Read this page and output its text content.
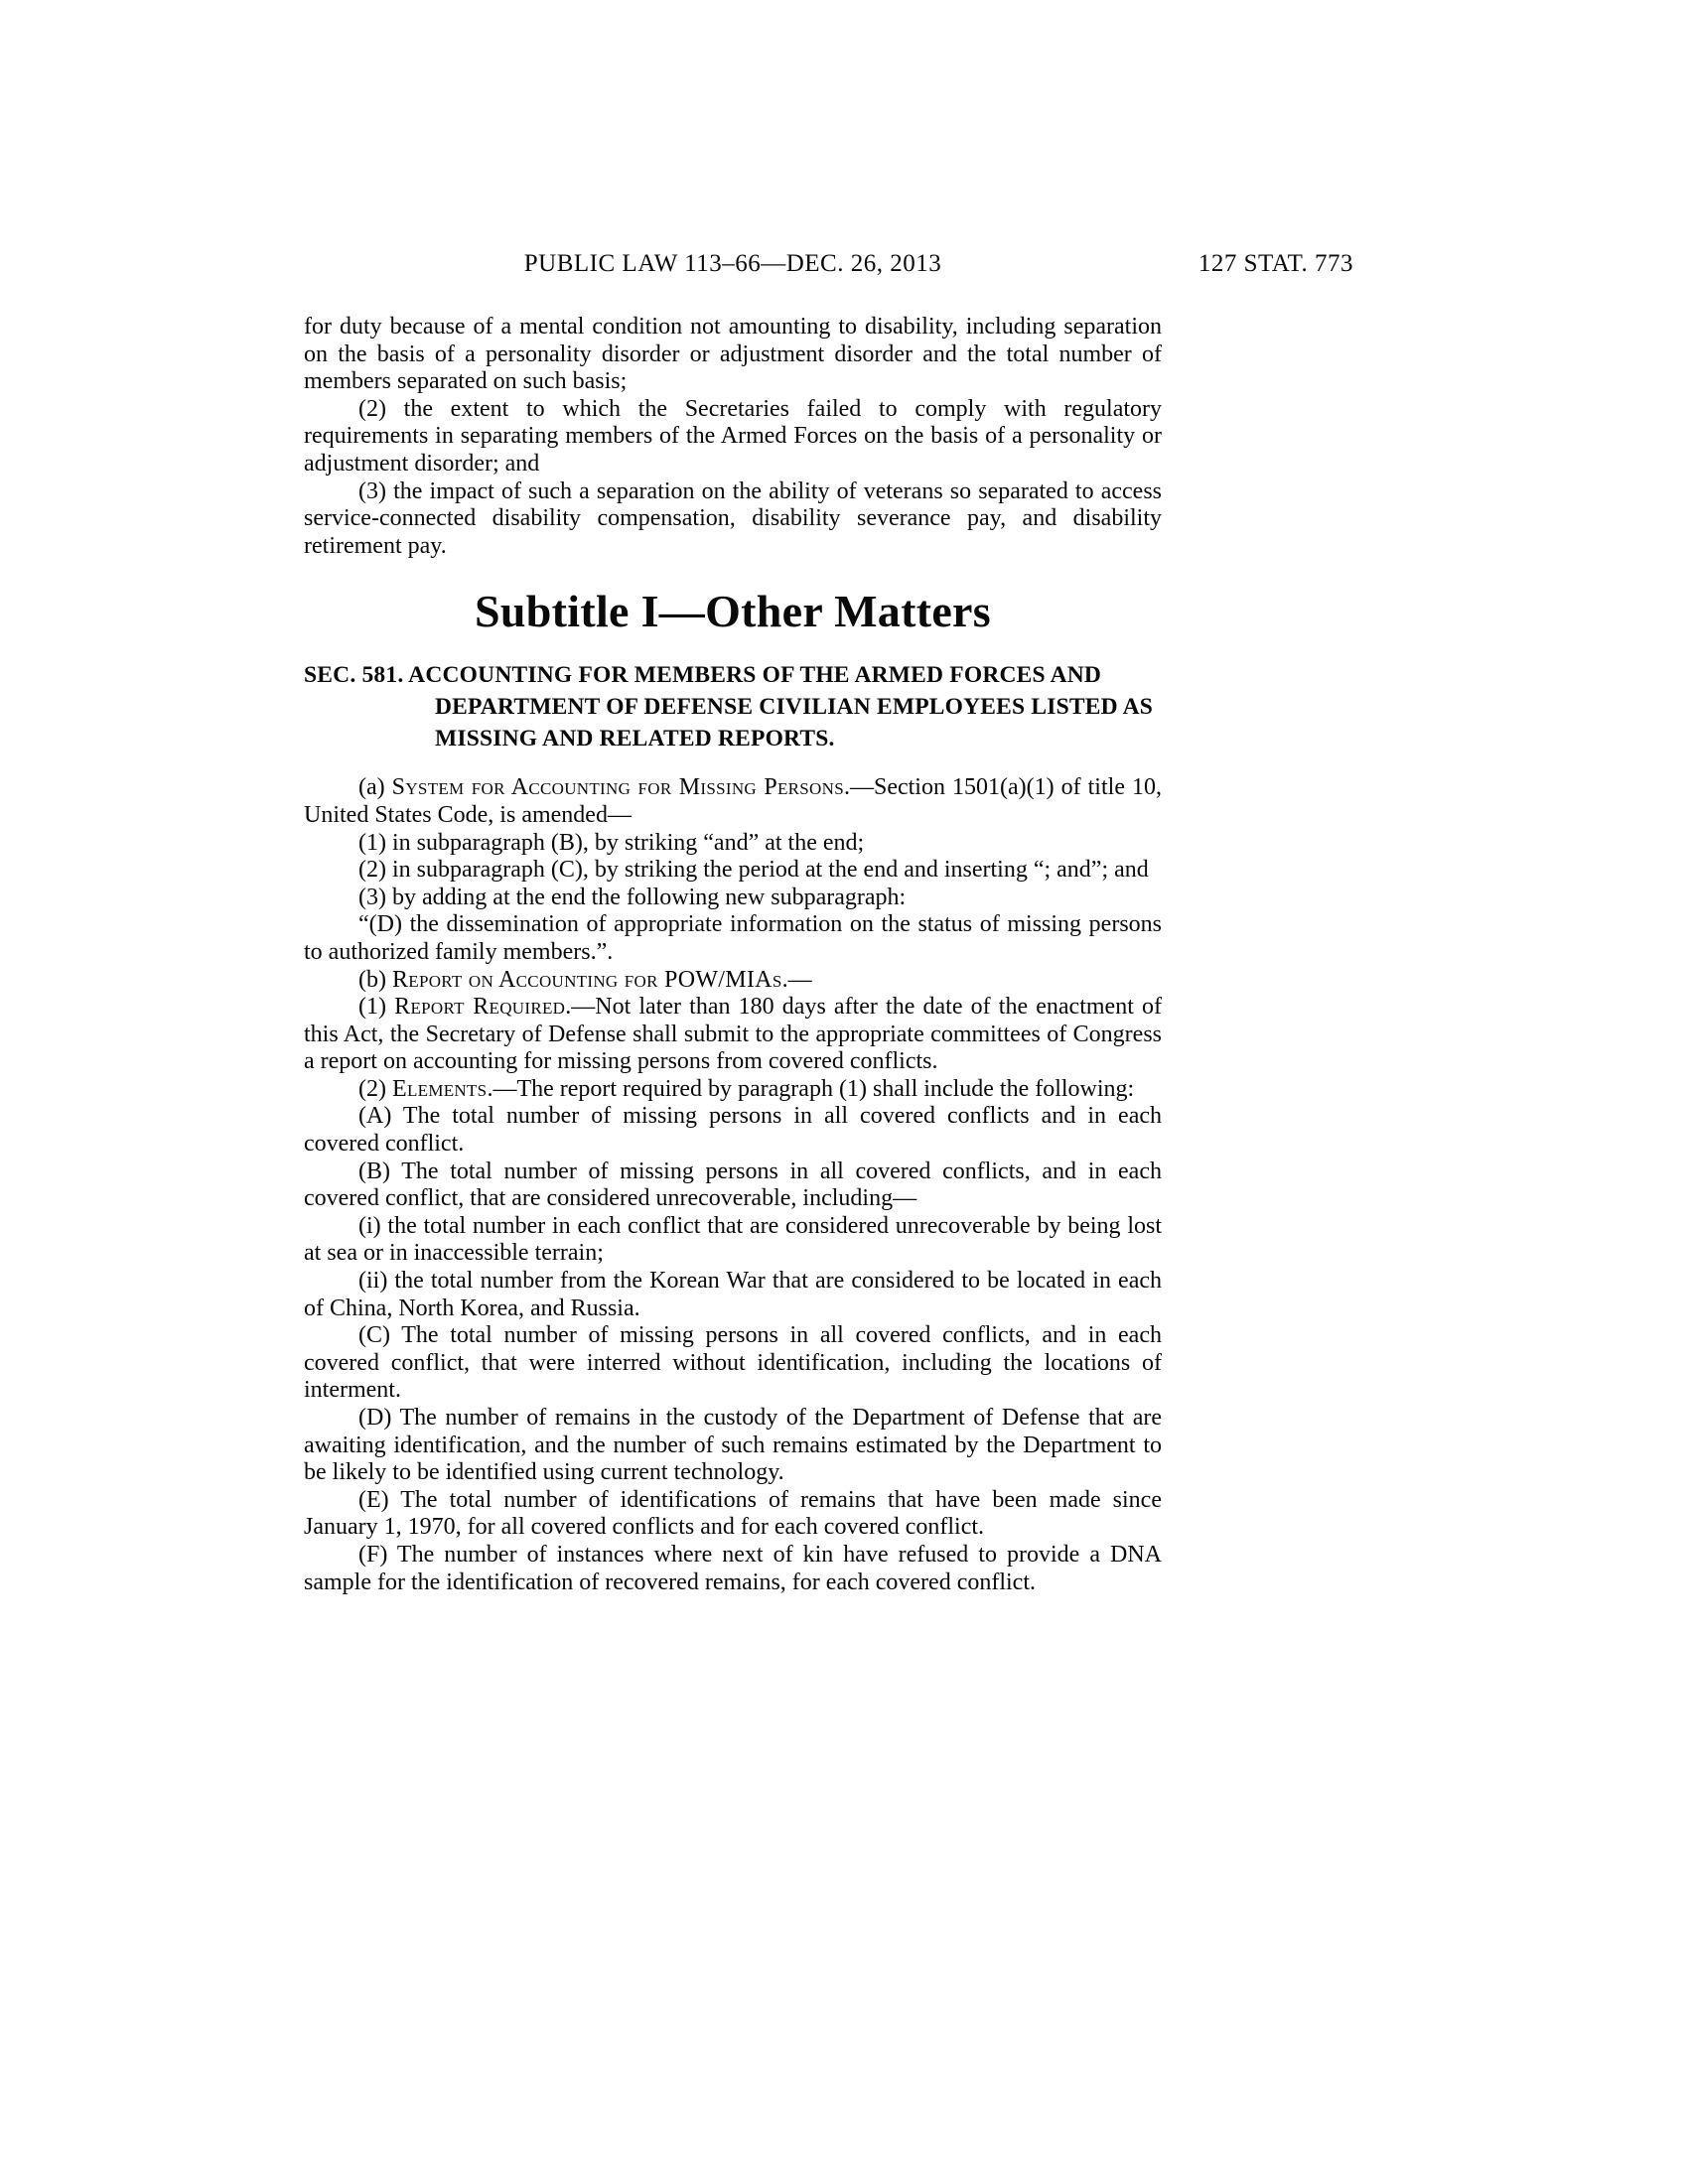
PUBLIC LAW 113–66—DEC. 26, 2013	127 STAT. 773

for duty because of a mental condition not amounting to disability, including separation on the basis of a personality disorder or adjustment disorder and the total number of members separated on such basis;

(2) the extent to which the Secretaries failed to comply with regulatory requirements in separating members of the Armed Forces on the basis of a personality or adjustment disorder; and

(3) the impact of such a separation on the ability of veterans so separated to access service-connected disability compensation, disability severance pay, and disability retirement pay.

Subtitle I—Other Matters
SEC. 581. ACCOUNTING FOR MEMBERS OF THE ARMED FORCES AND DEPARTMENT OF DEFENSE CIVILIAN EMPLOYEES LISTED AS MISSING AND RELATED REPORTS.

(a) System for Accounting for Missing Persons.—Section 1501(a)(1) of title 10, United States Code, is amended—

(1) in subparagraph (B), by striking “and” at the end;

(2) in subparagraph (C), by striking the period at the end and inserting “; and”; and

(3) by adding at the end the following new subparagraph:

“(D) the dissemination of appropriate information on the status of missing persons to authorized family members.”.

(b) Report on Accounting for POW/MIAs.—

(1) Report Required.—Not later than 180 days after the date of the enactment of this Act, the Secretary of Defense shall submit to the appropriate committees of Congress a report on accounting for missing persons from covered conflicts.

(2) Elements.—The report required by paragraph (1) shall include the following:

(A) The total number of missing persons in all covered conflicts and in each covered conflict.

(B) The total number of missing persons in all covered conflicts, and in each covered conflict, that are considered unrecoverable, including—

(i) the total number in each conflict that are considered unrecoverable by being lost at sea or in inaccessible terrain;

(ii) the total number from the Korean War that are considered to be located in each of China, North Korea, and Russia.

(C) The total number of missing persons in all covered conflicts, and in each covered conflict, that were interred without identification, including the locations of interment.

(D) The number of remains in the custody of the Department of Defense that are awaiting identification, and the number of such remains estimated by the Department to be likely to be identified using current technology.

(E) The total number of identifications of remains that have been made since January 1, 1970, for all covered conflicts and for each covered conflict.

(F) The number of instances where next of kin have refused to provide a DNA sample for the identification of recovered remains, for each covered conflict.
